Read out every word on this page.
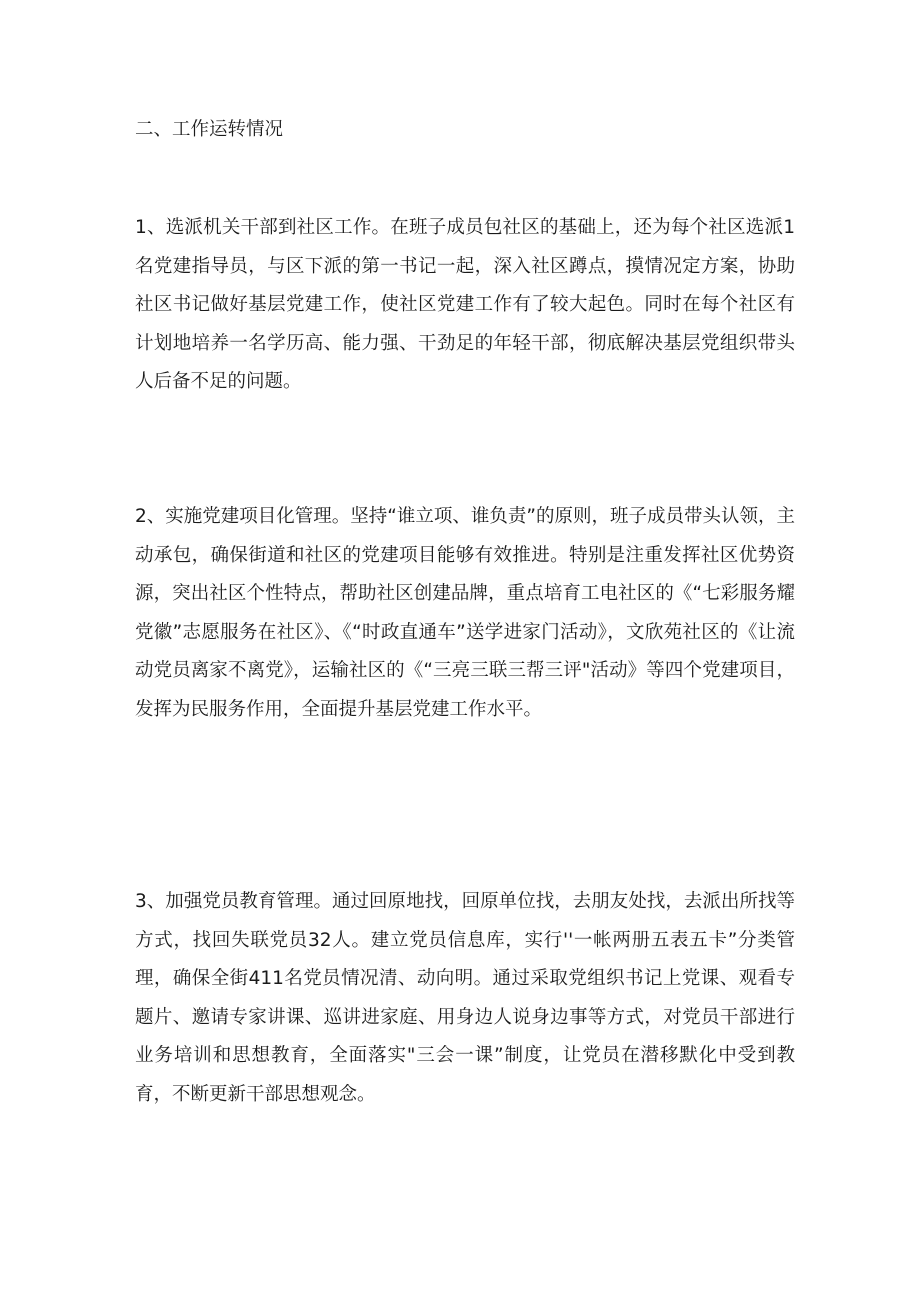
二、工作运转情况

1、选派机关干部到社区工作。在班子成员包社区的基础上，还为每个社区选派1名党建指导员，与区下派的第一书记一起，深入社区蹲点，摸情况定方案，协助社区书记做好基层党建工作，使社区党建工作有了较大起色。同时在每个社区有计划地培养一名学历高、能力强、干劲足的年轻干部，彻底解决基层党组织带头人后备不足的问题。

2、实施党建项目化管理。坚持“谁立项、谁负责”的原则，班子成员带头认领，主动承包，确保街道和社区的党建项目能够有效推进。特别是注重发挥社区优势资源，突出社区个性特点，帮助社区创建品牌，重点培育工电社区的《“七彩服务耀党徽”志愿服务在社区》、《“时政直通车”送学进家门活动》，文欣苑社区的《让流动党员离家不离党》，运输社区的《“三亮三联三帮三评"活动》等四个党建项目，发挥为民服务作用，全面提升基层党建工作水平。

3、加强党员教育管理。通过回原地找，回原单位找，去朋友处找，去派出所找等方式，找回失联党员32人。建立党员信息库，实行''一帐两册五表五卡”分类管理，确保全街411名党员情况清、动向明。通过采取党组织书记上党课、观看专题片、邀请专家讲课、巡讲进家庭、用身边人说身边事等方式，对党员干部进行业务培训和思想教育，全面落实"三会一课”制度，让党员在潜移默化中受到教育，不断更新干部思想观念。
